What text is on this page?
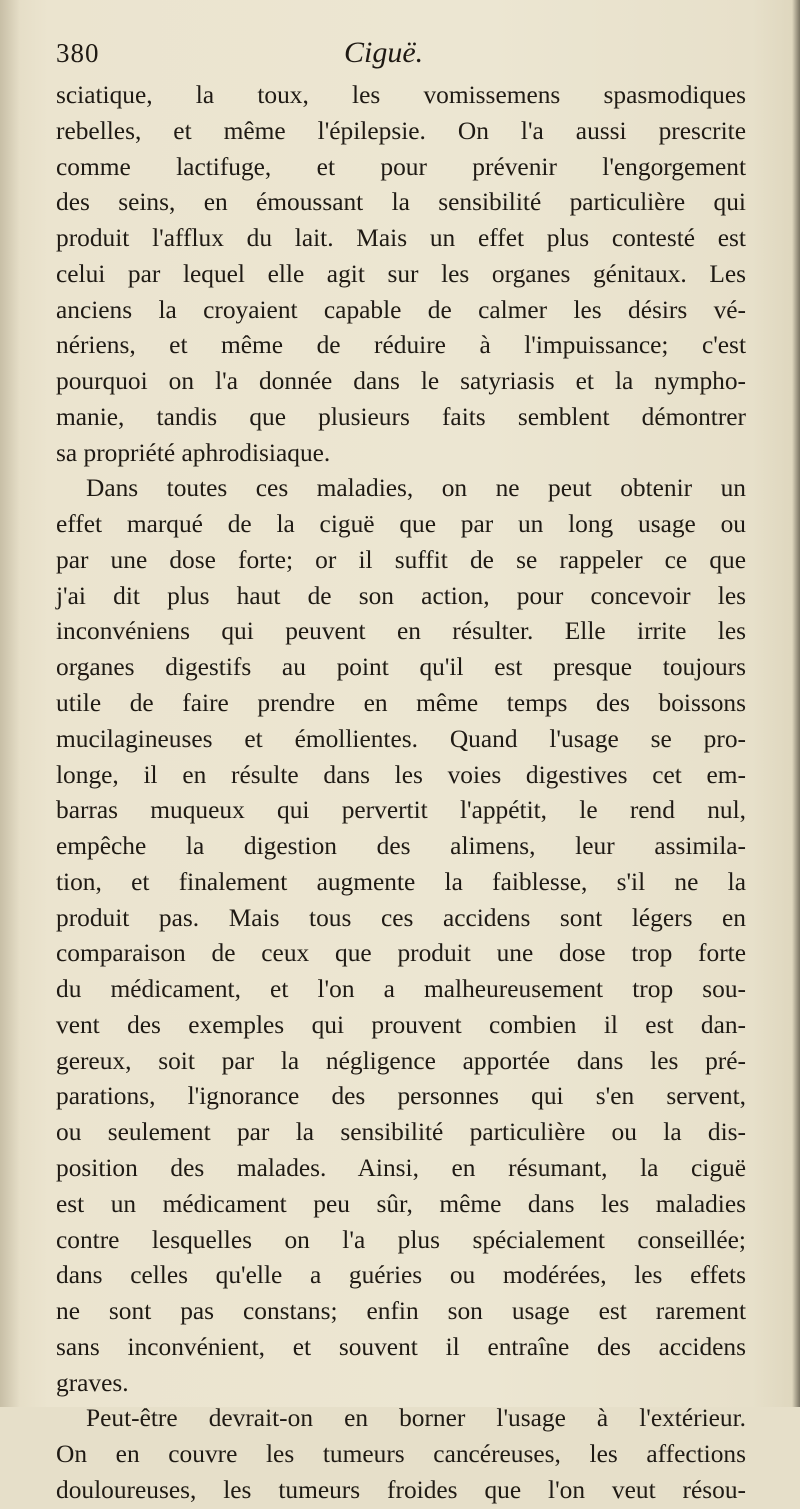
380	Ciguë.
sciatique, la toux, les vomissemens spasmodiques
rebelles, et même l'épilepsie. On l'a aussi prescrite
comme lactifuge, et pour prévenir l'engorgement
des seins, en émoussant la sensibilité particulière qui
produit l'afflux du lait. Mais un effet plus contesté est
celui par lequel elle agit sur les organes génitaux. Les
anciens la croyaient capable de calmer les désirs vé-
nériens, et même de réduire à l'impuissance; c'est
pourquoi on l'a donnée dans le satyriasis et la nympho-
manie, tandis que plusieurs faits semblent démontrer
sa propriété aphrodisiaque.
Dans toutes ces maladies, on ne peut obtenir un
effet marqué de la ciguë que par un long usage ou
par une dose forte; or il suffit de se rappeler ce que
j'ai dit plus haut de son action, pour concevoir les
inconvéniens qui peuvent en résulter. Elle irrite les
organes digestifs au point qu'il est presque toujours
utile de faire prendre en même temps des boissons
mucilagineuses et émollientes. Quand l'usage se pro-
longe, il en résulte dans les voies digestives cet em-
barras muqueux qui pervertit l'appétit, le rend nul,
empêche la digestion des alimens, leur assimila-
tion, et finalement augmente la faiblesse, s'il ne la
produit pas. Mais tous ces accidens sont légers en
comparaison de ceux que produit une dose trop forte
du médicament, et l'on a malheureusement trop sou-
vent des exemples qui prouvent combien il est dan-
gereux, soit par la négligence apportée dans les pré-
parations, l'ignorance des personnes qui s'en servent,
ou seulement par la sensibilité particulière ou la dis-
position des malades. Ainsi, en résumant, la ciguë
est un médicament peu sûr, même dans les maladies
contre lesquelles on l'a plus spécialement conseillée;
dans celles qu'elle a guéries ou modérées, les effets
ne sont pas constans; enfin son usage est rarement
sans inconvénient, et souvent il entraîne des accidens
graves.
Peut-être devrait-on en borner l'usage à l'extérieur.
On en couvre les tumeurs cancéreuses, les affections
douloureuses, les tumeurs froides que l'on veut résou-
